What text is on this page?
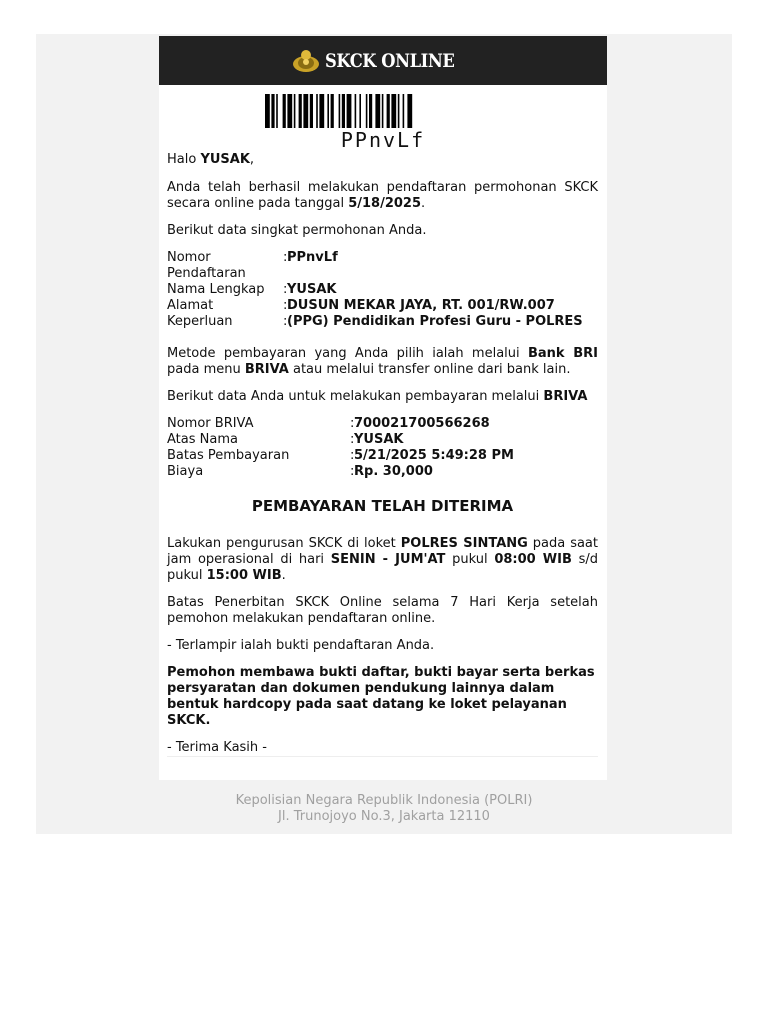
SKCK ONLINE
PPnvLf

Halo YUSAK,

Anda telah berhasil melakukan pendaftaran permohonan SKCK secara online pada tanggal 5/18/2025.

Berikut data singkat permohonan Anda.

Nomor Pendaftaran
: PPnvLf
Nama Lengkap	: YUSAK
Alamat	: DUSUN MEKAR JAYA, RT. 001/RW.007
Keperluan	: (PPG) Pendidikan Profesi Guru - POLRES

Metode pembayaran yang Anda pilih ialah melalui Bank BRI pada menu BRIVA atau melalui transfer online dari bank lain.

Berikut data Anda untuk melakukan pembayaran melalui BRIVA

Nomor BRIVA	: 700021700566268
Atas Nama	: YUSAK
Batas Pembayaran	: 5/21/2025 5:49:28 PM
Biaya	: Rp. 30,000

PEMBAYARAN TELAH DITERIMA

Lakukan pengurusan SKCK di loket POLRES SINTANG pada saat jam operasional di hari SENIN - JUM'AT pukul 08:00 WIB s/d pukul 15:00 WIB.

Batas Penerbitan SKCK Online selama 7 Hari Kerja setelah pemohon melakukan pendaftaran online.

- Terlampir ialah bukti pendaftaran Anda.

Pemohon membawa bukti daftar, bukti bayar serta berkas persyaratan dan dokumen pendukung lainnya dalam bentuk hardcopy pada saat datang ke loket pelayanan SKCK.

- Terima Kasih -

Kepolisian Negara Republik Indonesia (POLRI)
Jl. Trunojoyo No.3, Jakarta 12110
